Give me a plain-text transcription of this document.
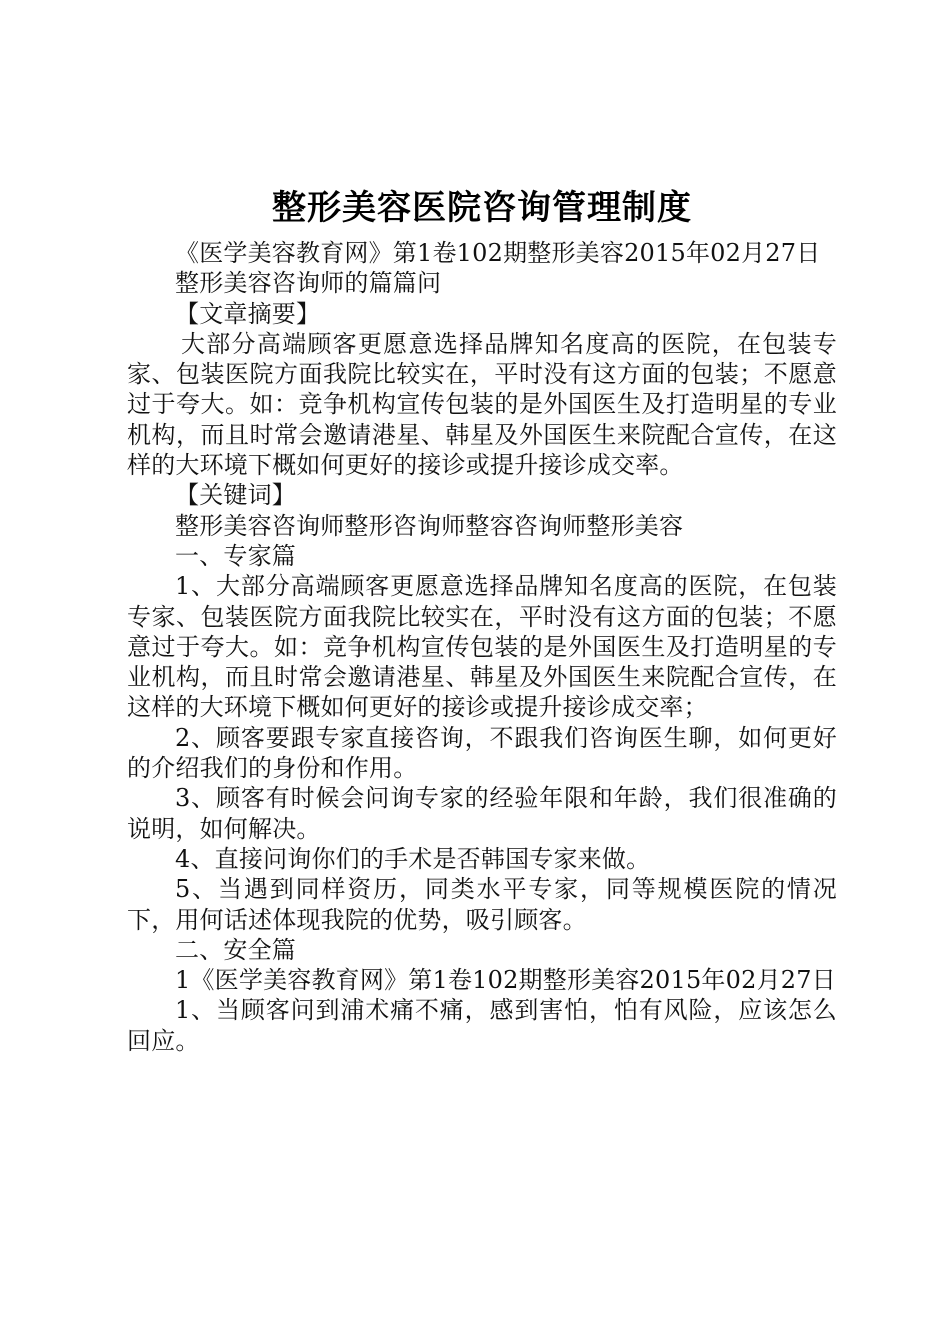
整形美容医院咨询管理制度

《医学美容教育网》第1卷102期整形美容2015年02月27日

整形美容咨询师的篇篇问

【文章摘要】

大部分高端顾客更愿意选择品牌知名度高的医院，在包装专家、包装医院方面我院比较实在，平时没有这方面的包装；不愿意过于夸大。如：竞争机构宣传包装的是外国医生及打造明星的专业机构，而且时常会邀请港星、韩星及外国医生来院配合宣传，在这样的大环境下概如何更好的接诊或提升接诊成交率。

【关键词】

整形美容咨询师整形咨询师整容咨询师整形美容

一、专家篇

1、大部分高端顾客更愿意选择品牌知名度高的医院，在包装专家、包装医院方面我院比较实在，平时没有这方面的包装；不愿意过于夸大。如：竞争机构宣传包装的是外国医生及打造明星的专业机构，而且时常会邀请港星、韩星及外国医生来院配合宣传，在这样的大环境下概如何更好的接诊或提升接诊成交率；

2、顾客要跟专家直接咨询，不跟我们咨询医生聊，如何更好的介绍我们的身份和作用。

3、顾客有时候会问询专家的经验年限和年龄，我们很准确的说明，如何解决。

4、直接问询你们的手术是否韩国专家来做。

5、当遇到同样资历，同类水平专家，同等规模医院的情况下，用何话述体现我院的优势，吸引顾客。

二、安全篇

1《医学美容教育网》第1卷102期整形美容2015年02月27日

1、当顾客问到浦术痛不痛，感到害怕，怕有风险，应该怎么回应。
